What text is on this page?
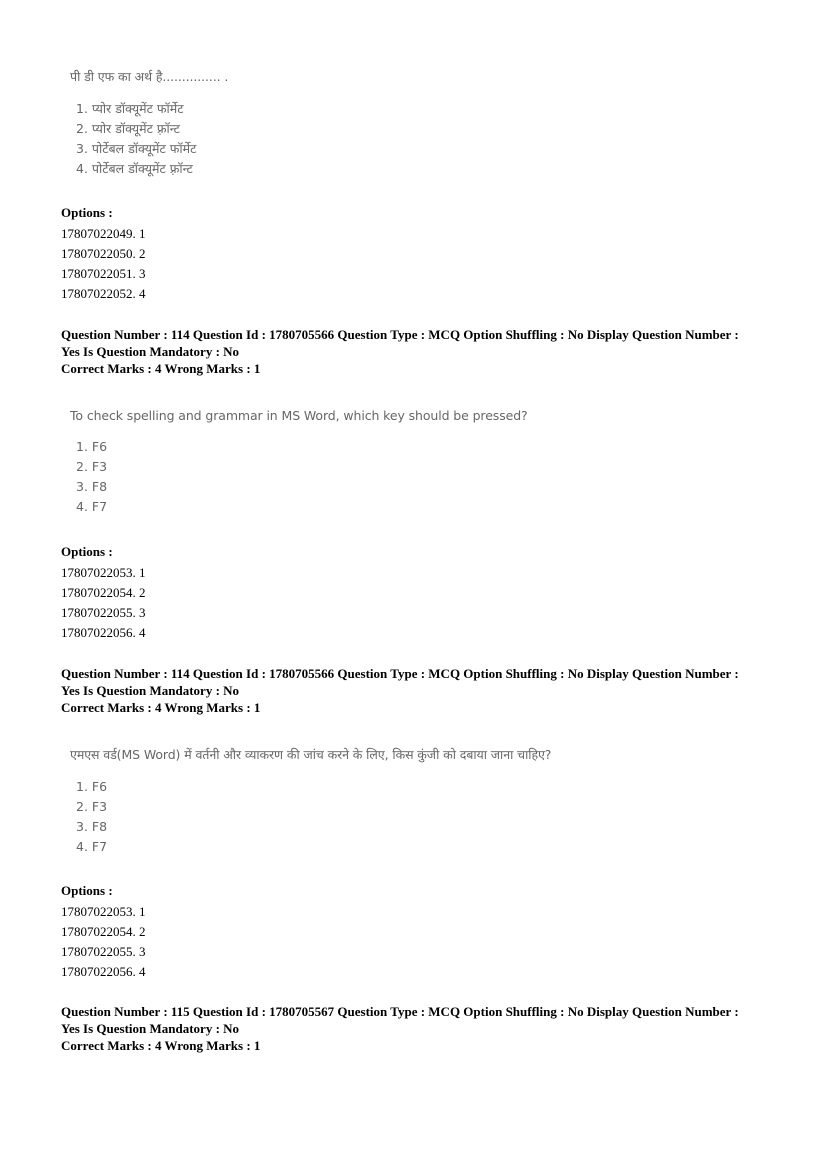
पी डी एफ का अर्थ है............... .
1. प्योर डॉक्यूमेंट फॉर्मेट
2. प्योर डॉक्यूमेंट फ़्रॉन्ट
3. पोर्टेबल डॉक्यूमेंट फॉर्मेट
4. पोर्टेबल डॉक्यूमेंट फ़्रॉन्ट
Options :
17807022049. 1
17807022050. 2
17807022051. 3
17807022052. 4
Question Number : 114 Question Id : 1780705566 Question Type : MCQ Option Shuffling : No Display Question Number :
Yes Is Question Mandatory : No
Correct Marks : 4 Wrong Marks : 1
To check spelling and grammar in MS Word, which key should be pressed?
1. F6
2. F3
3. F8
4. F7
Options :
17807022053. 1
17807022054. 2
17807022055. 3
17807022056. 4
Question Number : 114 Question Id : 1780705566 Question Type : MCQ Option Shuffling : No Display Question Number :
Yes Is Question Mandatory : No
Correct Marks : 4 Wrong Marks : 1
एमएस वर्ड(MS Word) में वर्तनी और व्याकरण की जांच करने के लिए, किस कुंजी को दबाया जाना चाहिए?
1. F6
2. F3
3. F8
4. F7
Options :
17807022053. 1
17807022054. 2
17807022055. 3
17807022056. 4
Question Number : 115 Question Id : 1780705567 Question Type : MCQ Option Shuffling : No Display Question Number :
Yes Is Question Mandatory : No
Correct Marks : 4 Wrong Marks : 1
